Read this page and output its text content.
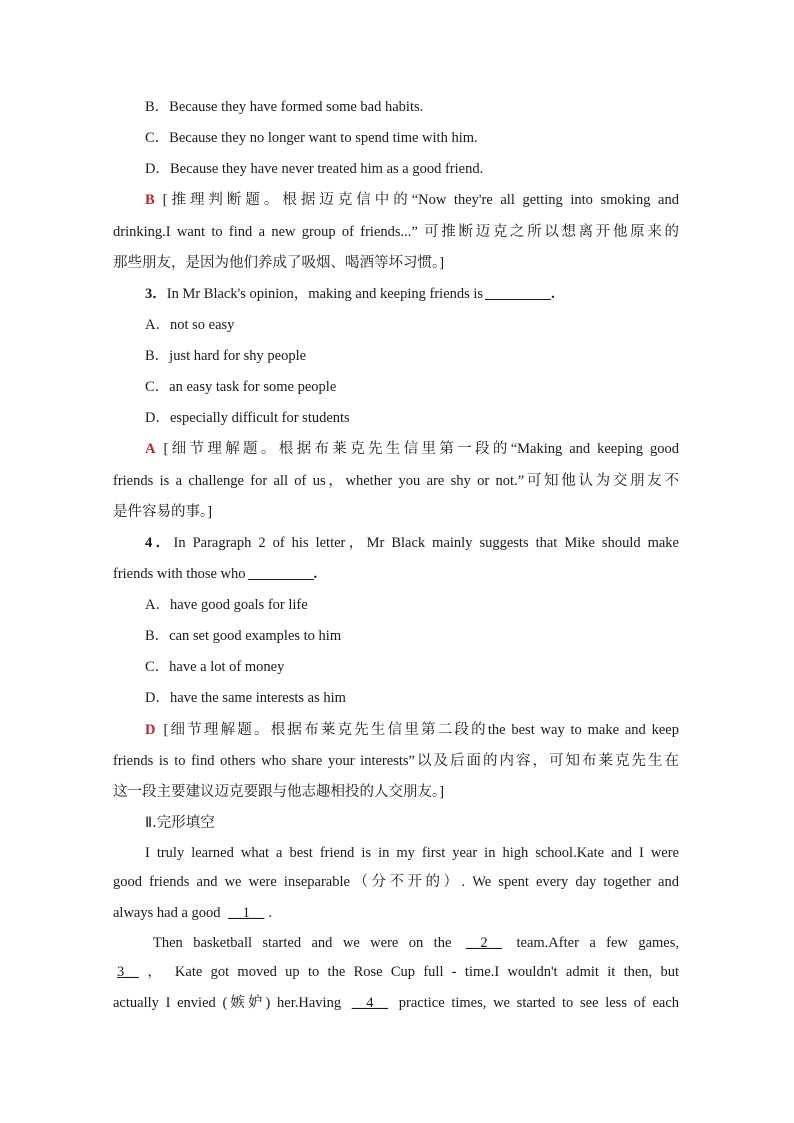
B．Because they have formed some bad habits.
C．Because they no longer want to spend time with him.
D．Because they have never treated him as a good friend.
B [推理判断题。根据迈克信中的“Now they're all getting into smoking and
drinking.I want to find a new group of friends...” 可推断迈克之所以想离开他原来的
那些朋友，是因为他们养成了吸烟、喝酒等坏习惯。]
3．In Mr Black's opinion，making and keeping friends is	.
A．not so easy
B．just hard for shy people
C．an easy task for some people
D．especially difficult for students
A [细节理解题。根据布莱克先生信里第一段的“Making and keeping good
friends is a challenge for all of us，whether you are shy or not.”可知他认为交朋友不
是件容易的事。]
4．In Paragraph 2 of his letter，Mr Black mainly suggests that Mike should make
friends with those who	.
A．have good goals for life
B．can set good examples to him
C．have a lot of money
D．have the same interests as him
D [细节理解题。根据布莱克先生信里第二段的the best way to make and keep
friends is to find others who share your interests”以及后面的内容，可知布莱克先生在
这一段主要建议迈克要跟与他志趣相投的人交朋友。]
Ⅱ.完形填空
I truly learned what a best friend is in my first year in high school.Kate and I were
good friends and we were inseparable（分不开的）. We spent every day together and
always had a good __1__ .
Then basketball started and we were on the __2__ team.After a few games,
3__ ， Kate got moved up to the Rose Cup full - time.I wouldn't admit it then, but
actually I envied (嫉妒) her.Having __4__ practice times, we started to see less of each
